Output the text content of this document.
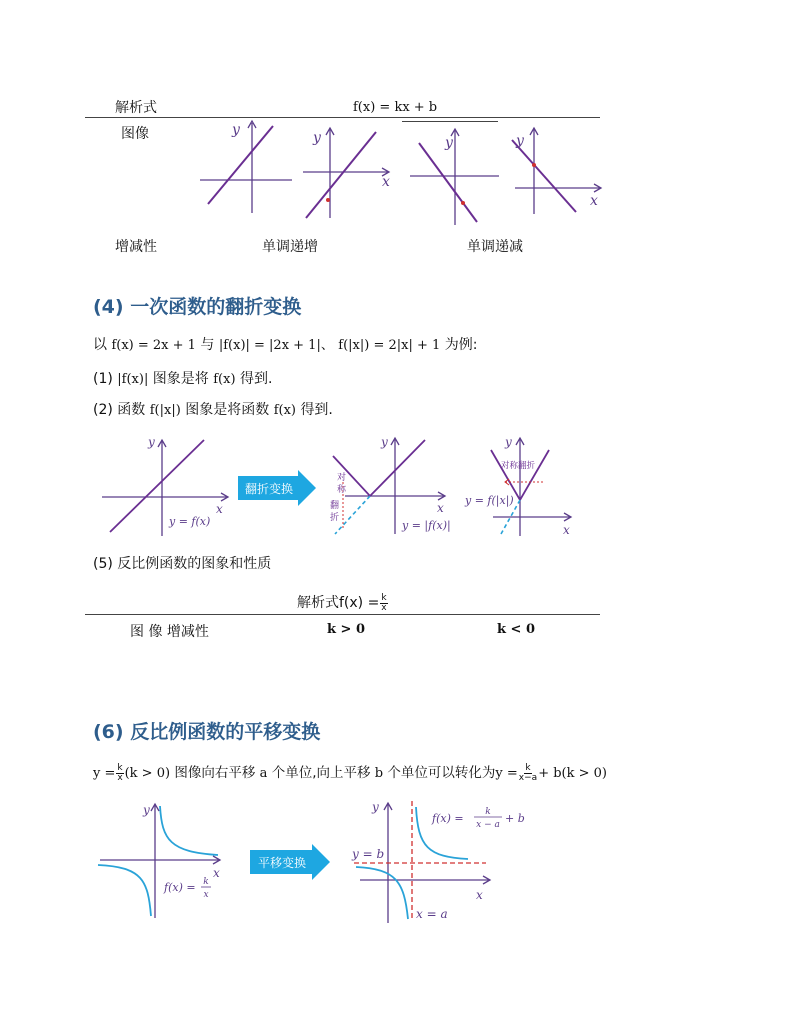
解析式	f(x) = kx + b
图像
增减性	单调递增	单调递减
y	y
x
y	y
x
(4) 一次函数的翻折变换
以 f(x) = 2x + 1 与 |f(x)| = |2x + 1|、 f(|x|) = 2|x| + 1 为例:
(1) |f(x)| 图象是将 f(x) 得到.
(2) 函数 f(|x|) 图象是将函数 f(x) 得到.
y
x
y = f(x)
翻折变换
y
x
对
称
翻
折
y = |f(x)|
y
x
对称翻折
y = f(|x|)
(5) 反比例函数的图象和性质
解析式$f(x) = \frac{k}{x}$
图 像 增减性	k > 0	k < 0
(6) 反比例函数的平移变换
$y = \frac{k}{x} (k > 0)$ 图像向右平移 a 个单位,向上平移 b 个单位可以转化为$y = \frac{k}{x-a} + b(k > 0)$
y
x
f(x) = k
x
平移变换
y
x
y = b
x = a
f(x) = k
x − a + b
